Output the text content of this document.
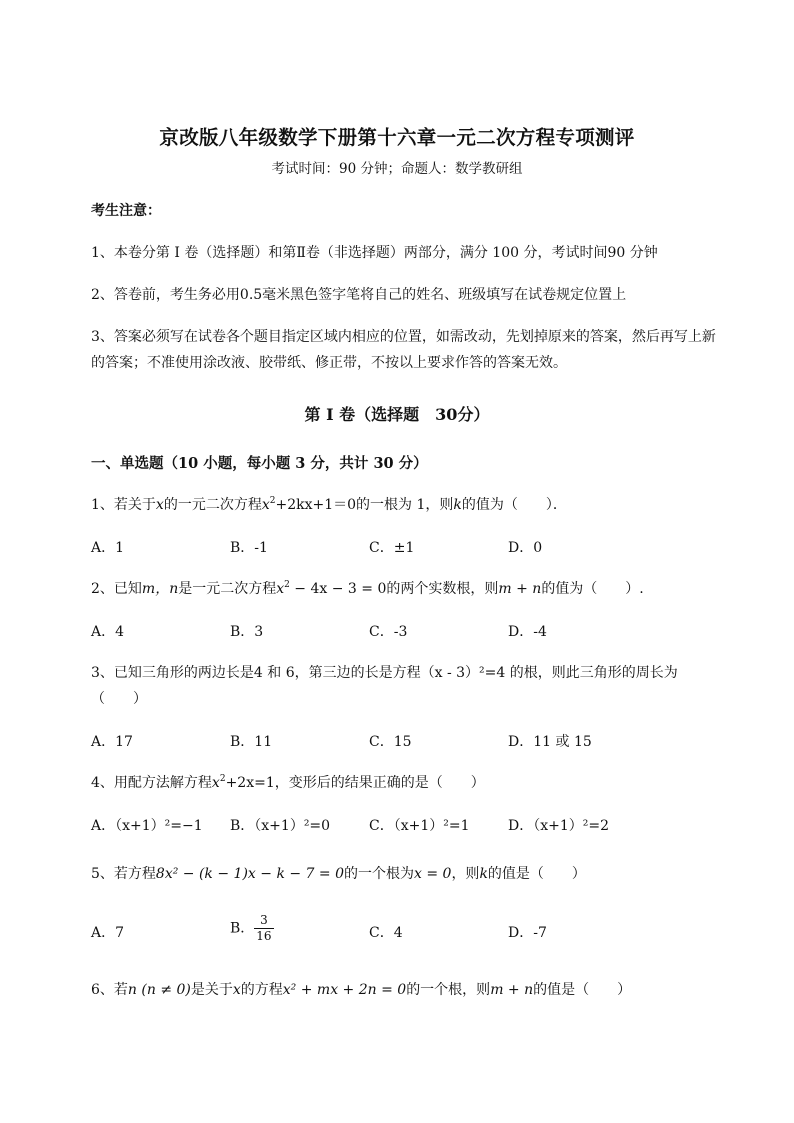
京改版八年级数学下册第十六章一元二次方程专项测评
考试时间：90 分钟；命题人：数学教研组
考生注意：
1、本卷分第 I 卷（选择题）和第Ⅱ卷（非选择题）两部分，满分 100 分，考试时间90 分钟
2、答卷前，考生务必用0.5毫米黑色签字笔将自己的姓名、班级填写在试卷规定位置上
3、答案必须写在试卷各个题目指定区域内相应的位置，如需改动，先划掉原来的答案，然后再写上新
的答案；不准使用涂改液、胶带纸、修正带，不按以上要求作答的答案无效。
第 I 卷（选择题　30分）
一、单选题（10 小题，每小题 3 分，共计 30 分）
1、若关于x的一元二次方程$x^2+2kx+1=0$的一根为 1，则k的值为（　　）．
A．1	B．-1	C．±1	D．0
2、已知m，n是一元二次方程$x^2 - 4x - 3 = 0$的两个实数根，则m + n的值为（　　）.
A．4	B．3	C．-3	D．-4
3、已知三角形的两边长是4 和 6，第三边的长是方程（x - 3）²=4 的根，则此三角形的周长为
（　　）
A．17	B．11	C．15	D．11 或 15
4、用配方法解方程$x^2+2x=1$，变形后的结果正确的是（　　）
A．（x+1）²=−1 B．（x+1）²=0	C．（x+1）²=1	D．（x+1）²=2
5、若方程8x² − (k − 1)x − k − 7 = 0的一个根为x = 0，则k的值是（　　）
A．7	B． $\frac{3}{16}$	C．4	D．-7
6、若n (n ≠ 0)是关于x的方程x² + mx + 2n = 0的一个根，则m + n的值是（　　）
